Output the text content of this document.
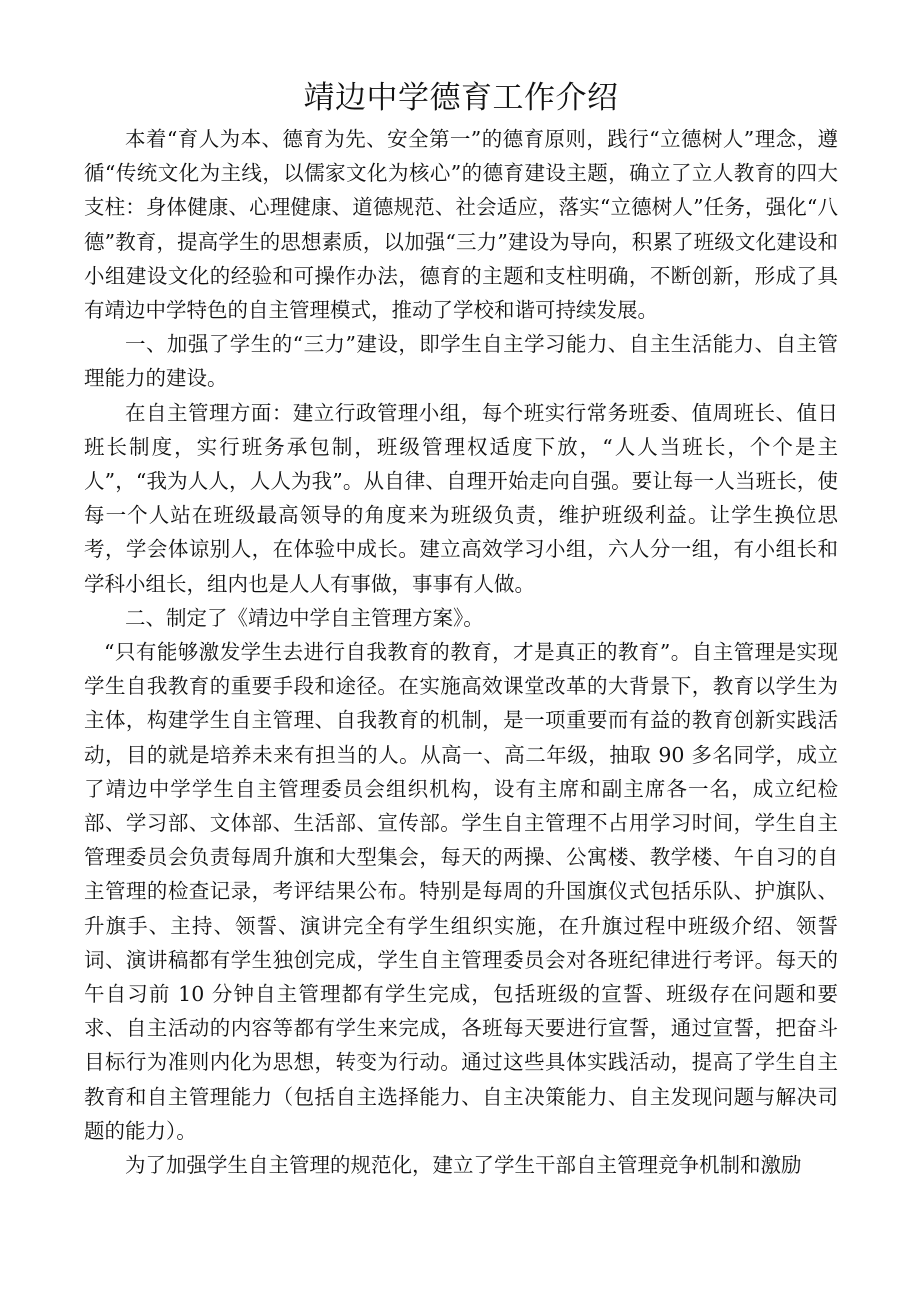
靖边中学德育工作介绍

本着“育人为本、德育为先、安全第一”的德育原则，践行“立德树人”理念，遵循“传统文化为主线，以儒家文化为核心”的德育建设主题，确立了立人教育的四大支柱：身体健康、心理健康、道德规范、社会适应，落实“立德树人”任务，强化“八德”教育，提高学生的思想素质，以加强“三力”建设为导向，积累了班级文化建设和小组建设文化的经验和可操作办法，德育的主题和支柱明确，不断创新，形成了具有靖边中学特色的自主管理模式，推动了学校和谐可持续发展。

一、加强了学生的“三力”建设，即学生自主学习能力、自主生活能力、自主管理能力的建设。

在自主管理方面：建立行政管理小组，每个班实行常务班委、值周班长、值日班长制度，实行班务承包制，班级管理权适度下放，“人人当班长，个个是主人”，“我为人人，人人为我”。从自律、自理开始走向自强。要让每一人当班长，使每一个人站在班级最高领导的角度来为班级负责，维护班级利益。让学生换位思考，学会体谅别人，在体验中成长。建立高效学习小组，六人分一组，有小组长和学科小组长，组内也是人人有事做，事事有人做。

二、制定了《靖边中学自主管理方案》。

“只有能够激发学生去进行自我教育的教育，才是真正的教育”。自主管理是实现学生自我教育的重要手段和途径。在实施高效课堂改革的大背景下，教育以学生为主体，构建学生自主管理、自我教育的机制，是一项重要而有益的教育创新实践活动，目的就是培养未来有担当的人。从高一、高二年级，抽取 90 多名同学，成立了靖边中学学生自主管理委员会组织机构，设有主席和副主席各一名，成立纪检部、学习部、文体部、生活部、宣传部。学生自主管理不占用学习时间，学生自主管理委员会负责每周升旗和大型集会，每天的两操、公寓楼、教学楼、午自习的自主管理的检查记录，考评结果公布。特别是每周的升国旗仪式包括乐队、护旗队、升旗手、主持、领誓、演讲完全有学生组织实施，在升旗过程中班级介绍、领誓词、演讲稿都有学生独创完成，学生自主管理委员会对各班纪律进行考评。每天的午自习前 10 分钟自主管理都有学生完成，包括班级的宣誓、班级存在问题和要求、自主活动的内容等都有学生来完成，各班每天要进行宣誓，通过宣誓，把奋斗目标行为准则内化为思想，转变为行动。通过这些具体实践活动，提高了学生自主教育和自主管理能力（包括自主选择能力、自主决策能力、自主发现问题与解决司题的能力）。

为了加强学生自主管理的规范化，建立了学生干部自主管理竞争机制和激励
